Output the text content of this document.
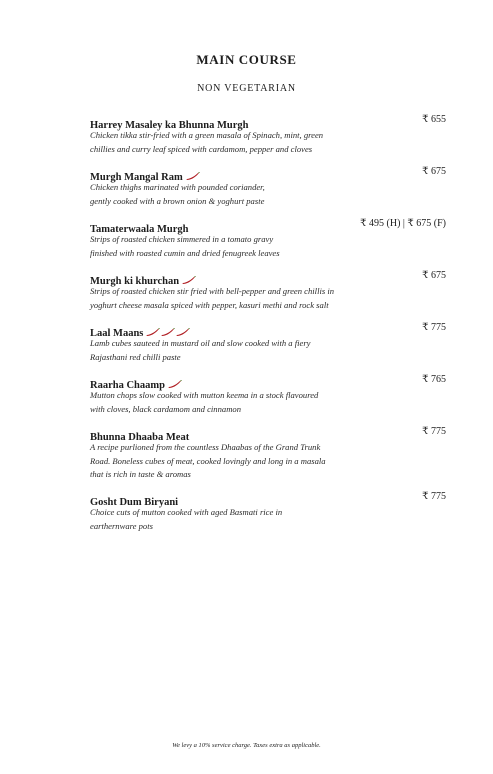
MAIN COURSE
NON VEGETARIAN
Harrey Masaley ka Bhunna Murgh
₹ 655
Chicken tikka stir-fried with a green masala of Spinach, mint, green
chillies and curry leaf spiced with cardamom, pepper and cloves
Murgh Mangal Ram
₹ 675
Chicken thighs marinated with pounded coriander,
gently cooked with a brown onion & yoghurt paste
Tamaterwaala Murgh
₹ 495 (H) | ₹ 675 (F)
Strips of roasted chicken simmered in a tomato gravy
finished with roasted cumin and dried fenugreek leaves
Murgh ki khurchan
₹ 675
Strips of roasted chicken stir fried with bell-pepper and green chillis in
yoghurt cheese masala spiced with pepper, kasuri methi and rock salt
Laal Maans
₹ 775
Lamb cubes sauteed in mustard oil and slow cooked with a fiery
Rajasthani red chilli paste
Raarha Chaamp
₹ 765
Mutton chops slow cooked with mutton keema in a stock flavoured
with cloves, black cardamom and cinnamon
Bhunna Dhaaba Meat
₹ 775
A recipe purlioned from the countless Dhaabas of the Grand Trunk
Road. Boneless cubes of meat, cooked lovingly and long in a masala
that is rich in taste & aromas
Gosht Dum Biryani
₹ 775
Choice cuts of mutton cooked with aged Basmati rice in
earthernware pots
We levy a 10% service charge. Taxes extra as applicable.
